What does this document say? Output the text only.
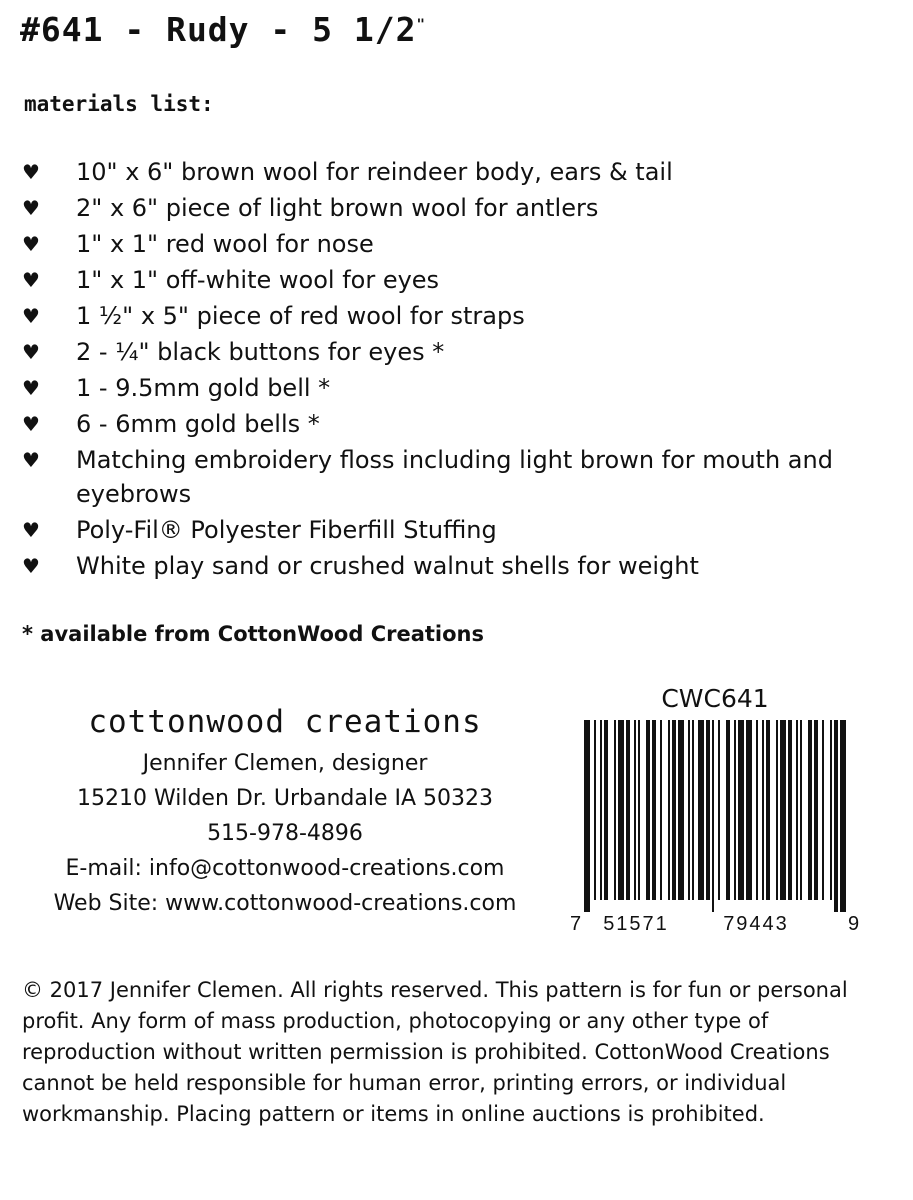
#641 - Rudy - 5 1/2"
materials list:
♥	10" x 6" brown wool for reindeer body, ears & tail
♥	2" x 6" piece of light brown wool for antlers
♥	1" x 1" red wool for nose
♥	1" x 1" off-white wool for eyes
♥	1 ½" x 5" piece of red wool for straps
♥	2 - ¼" black buttons for eyes *
♥	1 - 9.5mm gold bell *
♥	6 - 6mm gold bells *
♥	Matching embroidery floss including light brown for mouth and eyebrows
♥	Poly-Fil® Polyester Fiberfill Stuffing
♥	White play sand or crushed walnut shells for weight
* available from CottonWood Creations
cottonwood creations
Jennifer Clemen, designer
15210 Wilden Dr. Urbandale IA 50323
515-978-4896
E-mail: info@cottonwood-creations.com
Web Site: www.cottonwood-creations.com
CWC641
7 51571	79443	9
© 2017 Jennifer Clemen. All rights reserved. This pattern is for fun or personal profit. Any form of mass production, photocopying or any other type of reproduction without written permission is prohibited. CottonWood Creations cannot be held responsible for human error, printing errors, or individual workmanship. Placing pattern or items in online auctions is prohibited.
